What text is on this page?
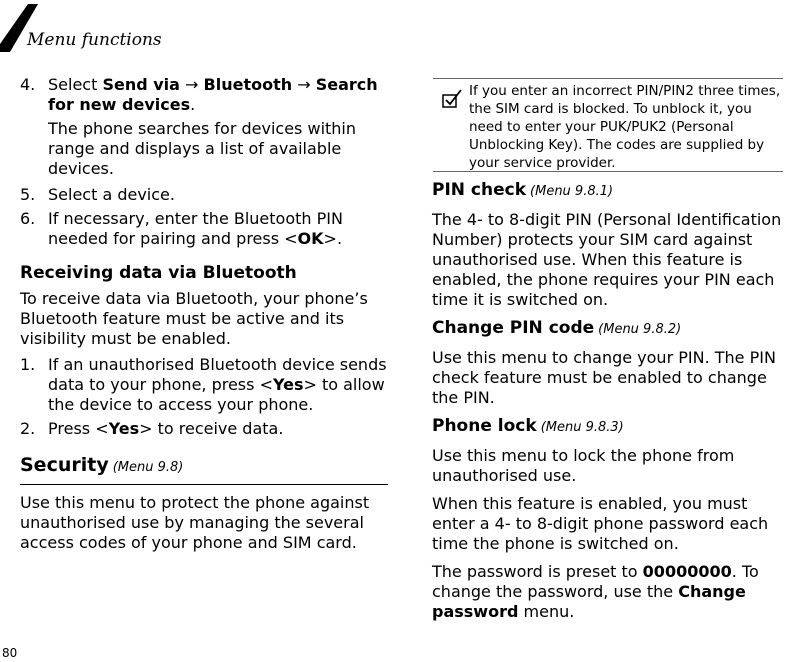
Menu functions
4. Select Send via → Bluetooth → Search for new devices.
The phone searches for devices within range and displays a list of available devices.
5. Select a device.
6. If necessary, enter the Bluetooth PIN needed for pairing and press <OK>.
Receiving data via Bluetooth
To receive data via Bluetooth, your phone’s Bluetooth feature must be active and its visibility must be enabled.
1. If an unauthorised Bluetooth device sends data to your phone, press <Yes> to allow the device to access your phone.
2. Press <Yes> to receive data.
Security (Menu 9.8)
Use this menu to protect the phone against unauthorised use by managing the several access codes of your phone and SIM card.
If you enter an incorrect PIN/PIN2 three times, the SIM card is blocked. To unblock it, you need to enter your PUK/PUK2 (Personal Unblocking Key). The codes are supplied by your service provider.
PIN check (Menu 9.8.1)
The 4- to 8-digit PIN (Personal Identification Number) protects your SIM card against unauthorised use. When this feature is enabled, the phone requires your PIN each time it is switched on.
Change PIN code (Menu 9.8.2)
Use this menu to change your PIN. The PIN check feature must be enabled to change the PIN.
Phone lock (Menu 9.8.3)
Use this menu to lock the phone from unauthorised use.
When this feature is enabled, you must enter a 4- to 8-digit phone password each time the phone is switched on.
The password is preset to 00000000. To change the password, use the Change password menu.
80
